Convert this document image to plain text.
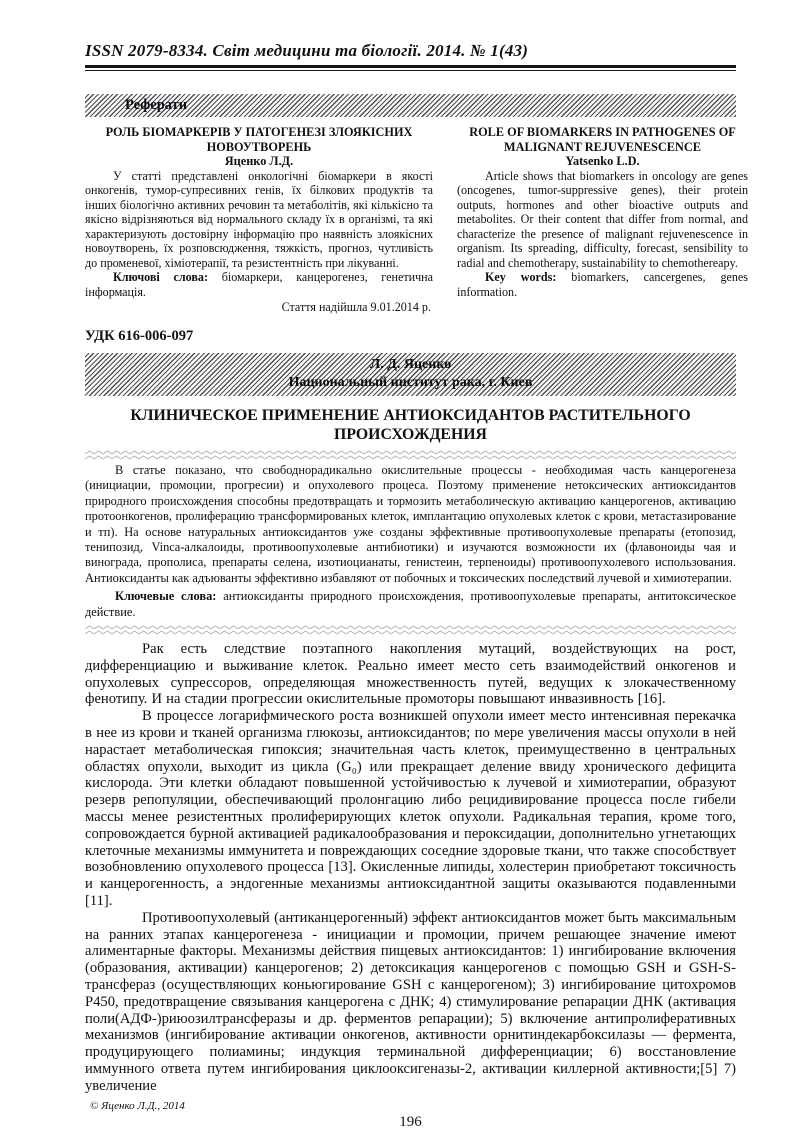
ISSN 2079-8334. Світ медицини та біології. 2014. № 1(43)
Реферати
РОЛЬ БІОМАРКЕРІВ У ПАТОГЕНЕЗІ ЗЛОЯКІСНИХ НОВОУТВОРЕНЬ
Яценко Л.Д.

У статті представлені онкологічні біомаркери в якості онкогенів, тумор-супресивних генів, їх білкових продуктів та інших біологічно активних речовин та метаболітів, які кількісно та якісно відрізняються від нормального складу їх в організмі, та які характеризують достовірну інформацію про наявність злоякісних новоутворень, їх розповсюдження, тяжкість, прогноз, чутливість до променевої, хіміотерапії, та резистентність при лікуванні.

Ключові слова: біомаркери, канцерогенез, генетична інформація.

Стаття надійшла 9.01.2014 р.
ROLE OF BIOMARKERS IN PATHOGENES OF MALIGNANT REJUVENESCENCE
Yatsenko L.D.

Article shows that biomarkers in oncology are genes (oncogenes, tumor-suppressive genes), their protein outputs, hormones and other bioactive outputs and metabolites. Or their content that differ from normal, and characterize the presence of malignant rejuvenescence in organism. Its spreading, difficulty, forecast, sensibility to radial and chemotherapy, sustainability to chemothereapy.

Key words: biomarkers, cancergenes, genes information.

УДК 616-006-097
Л. Д. Яценко
Национальный институт рака, г. Киев
КЛИНИЧЕСКОЕ ПРИМЕНЕНИЕ АНТИОКСИДАНТОВ РАСТИТЕЛЬНОГО
ПРОИСХОЖДЕНИЯ

В статье показано, что свободнорадикально окислительные процессы - необходимая часть канцерогенеза (инициации, промоции, прогресии) и опухолевого процеса. Поэтому применение нетоксических антиоксидантов природного происхождения способны предотвращать и тормозить метаболическую активацию канцерогенов, активацию протоонкогенов, пролиферацию трансформированых клеток, имплантацию опухолевых клеток с крови, метастазирование и тп). На основе натуральных антиоксидантов уже созданы эффективные противоопухолевые препараты (етопозид, тенипозид, Vinca-алкалоиды, противоопухолевые антибиотики) и изучаются возможности их (флавоноиды чая и винограда, прополиса, препараты селена, изотиоцианаты, генистеин, терпеноиды) противоопухолевого использования. Антиоксиданты как адъюванты эффективно избавляют от побочных и токсических последствий лучевой и химиотерапии.

Ключевые слова: антиоксиданты природного происхождения, противоопухолевые препараты, антитоксическое действие.

Рак есть следствие поэтапного накопления мутаций, воздействующих на рост, дифференциацию и выживание клеток. Реально имеет место сеть взаимодействий онкогенов и опухолевых супрессоров, определяющая множественность путей, ведущих к злокачественному фенотипу. И на стадии прогрессии окислительные промоторы повышают инвазивность [16].

В процессе логарифмического роста возникшей опухоли имеет место интенсивная перекачка в нее из крови и тканей организма глюкозы, антиоксидантов; по мере увеличения массы опухоли в ней нарастает метаболическая гипоксия; значительная часть клеток, преимущественно в центральных областях опухоли, выходит из цикла (G₀) или прекращает деление ввиду хронического дефицита кислорода. Эти клетки обладают повышенной устойчивостью к лучевой и химиотерапии, образуют резерв репопуляции, обеспечивающий пролонгацию либо рецидивирование процесса после гибели массы менее резистентных пролиферирующих клеток опухоли. Радикальная терапия, кроме того, сопровождается бурной активацией радикалообразования и пероксидации, дополнительно угнетающих клеточные механизмы иммунитета и повреждающих соседние здоровые ткани, что также способствует возобновлению опухолевого процесса [13]. Окисленные липиды, холестерин приобретают токсичность и канцерогенность, а эндогенные механизмы антиоксидантной защиты оказываются подавленными [11].

Противоопухолевый (антиканцерогенный) эффект антиоксидантов может быть максимальным на ранних этапах канцерогенеза - инициации и промоции, причем решающее значение имеют алиментарные факторы. Механизмы действия пищевых антиоксидантов: 1) ингибирование включения (образования, активации) канцерогенов; 2) детоксикация канцерогенов с помощью GSH и GSH-S-трансфераз (осуществляющих коньюгирование GSH с канцерогеном); 3) ингибирование цитохромов Р450, предотвращение связывания канцерогена с ДНК; 4) стимулирование репарации ДНК (активация поли(АДФ-)риюозилтрансферазы и др. ферментов репарации); 5) включение антипролиферативных механизмов (ингибирование активации онкогенов, активности орнитиндекарбоксилазы — фермента, продуцирующего полиамины; индукция терминальной дифференциации; 6) восстановление иммунного ответа путем ингибирования циклооксигеназы-2, активации киллерной активности;[5] 7) увеличение

© Яценко Л.Д., 2014
196
